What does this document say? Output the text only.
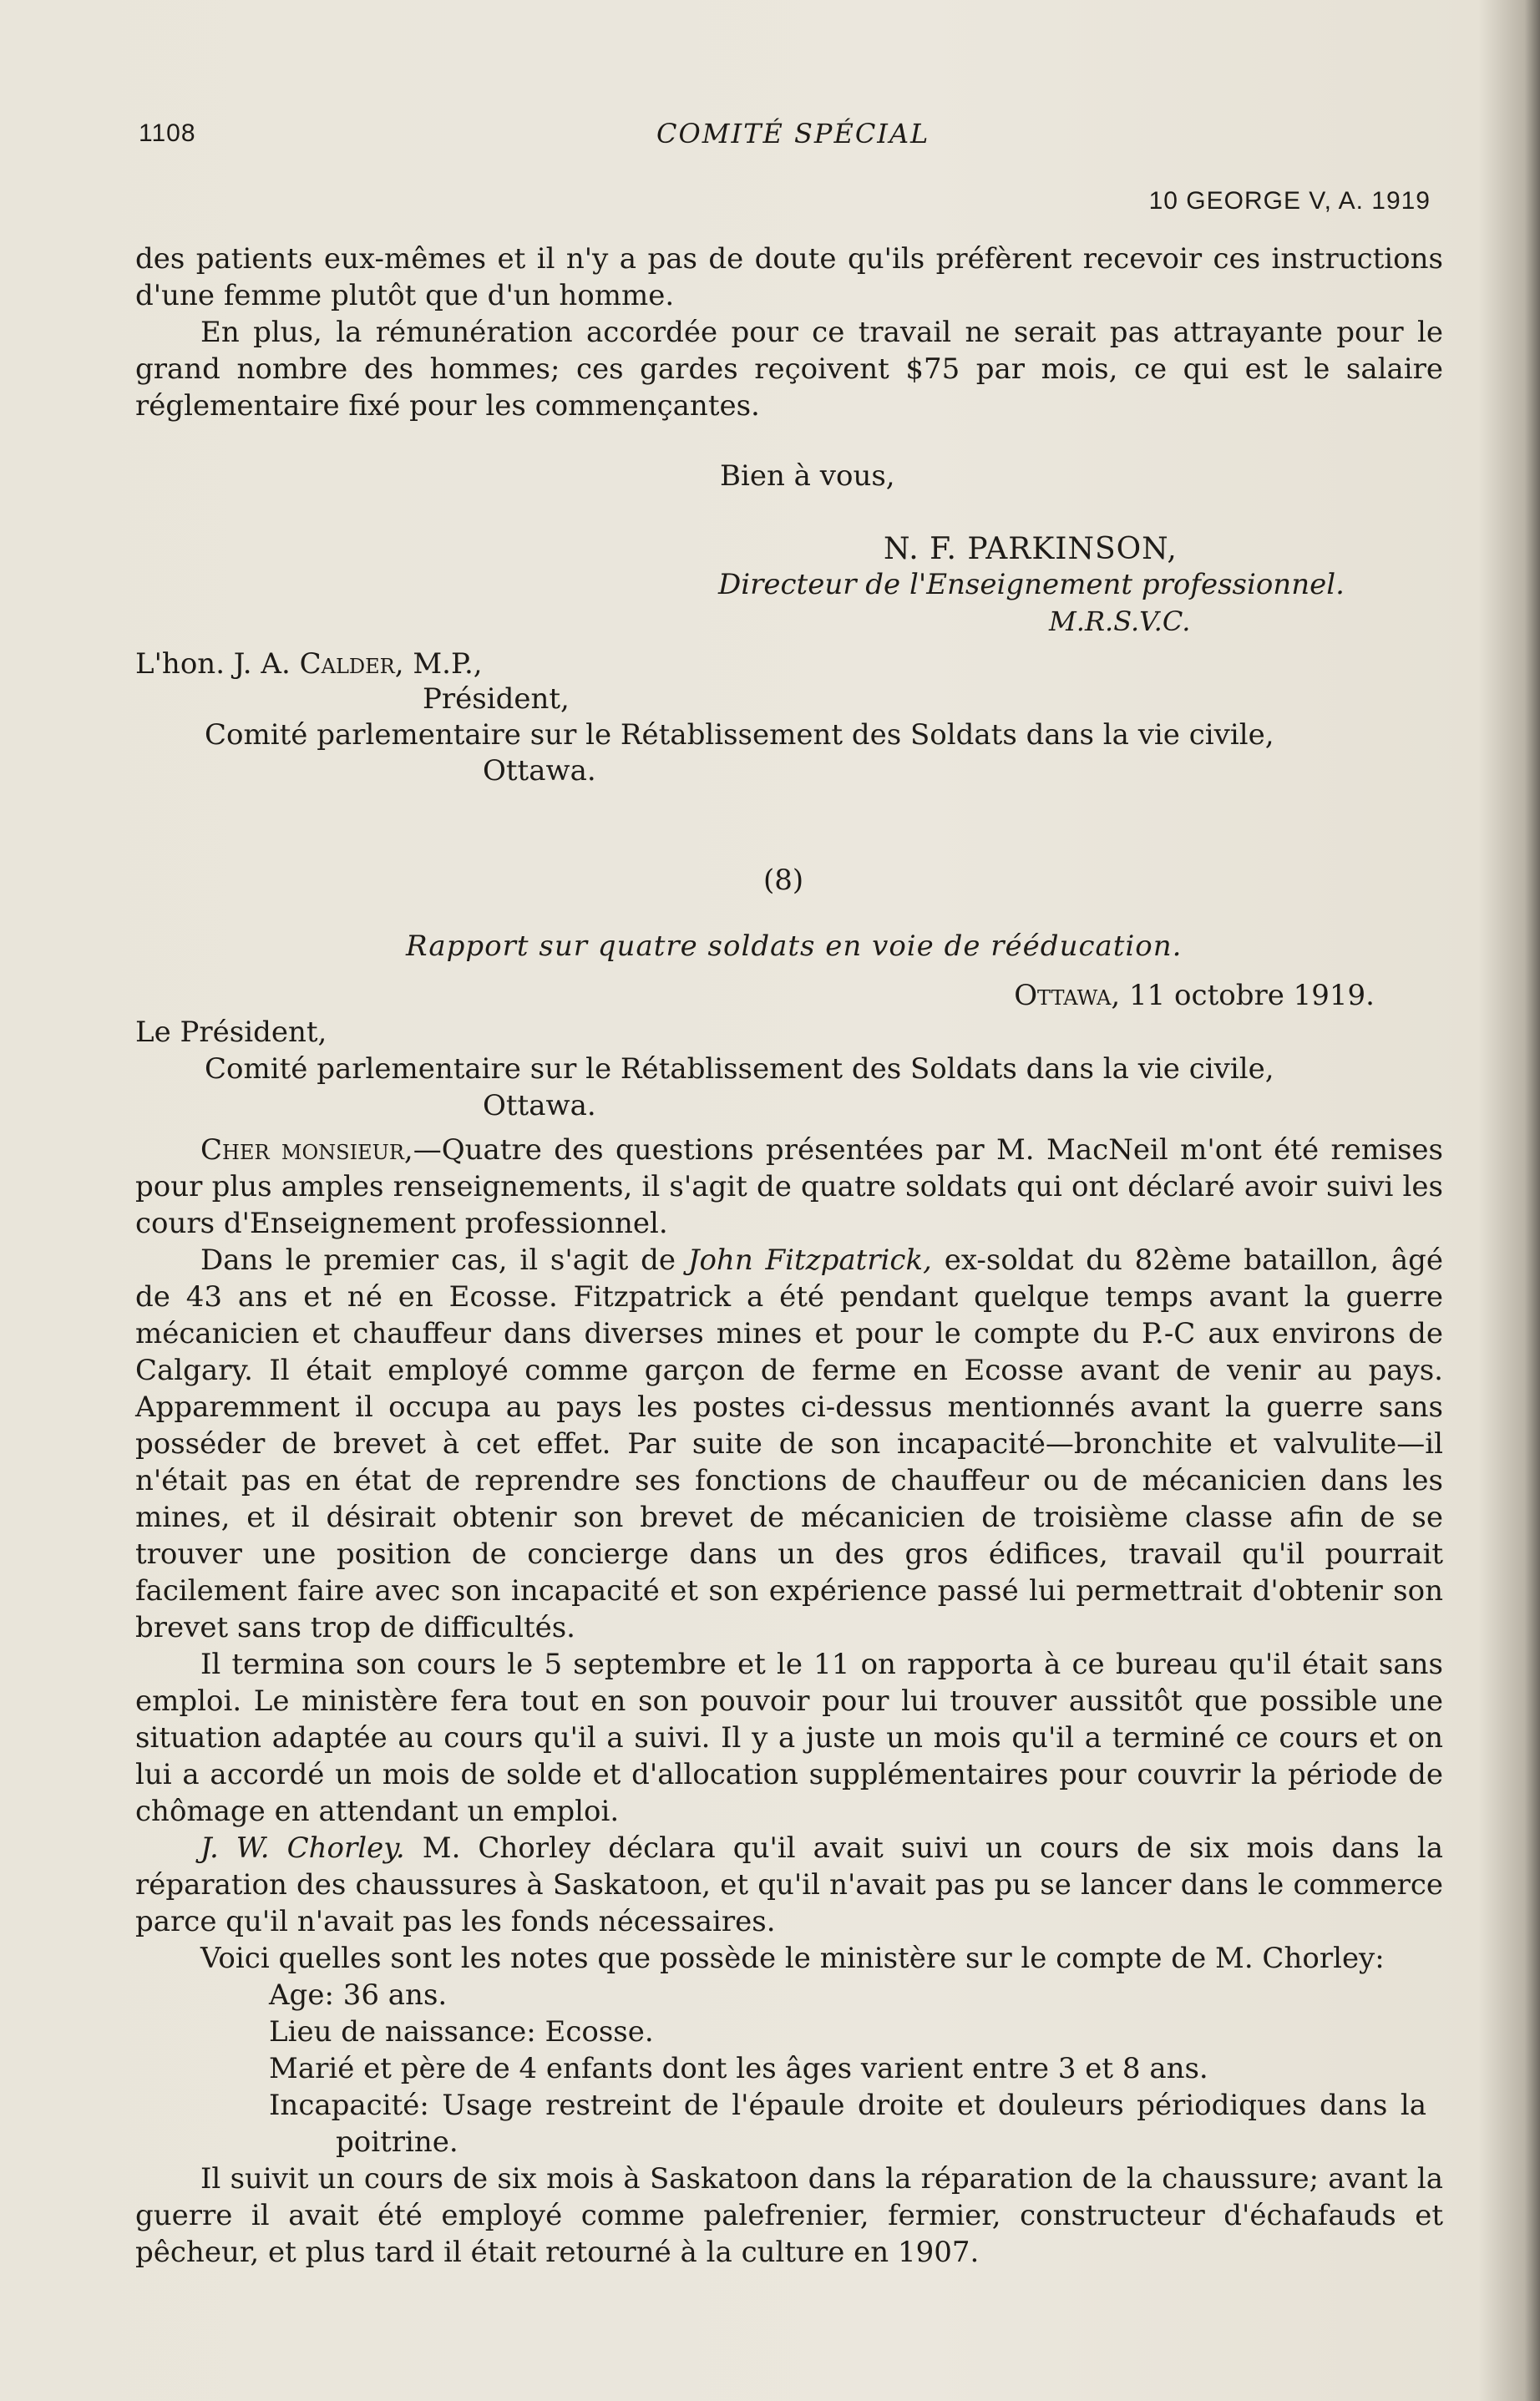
1108	COMITÉ SPÉCIAL
10 GEORGE V, A. 1919

des patients eux-mêmes et il n'y a pas de doute qu'ils préfèrent recevoir ces instructions d'une femme plutôt que d'un homme.

En plus, la rémunération accordée pour ce travail ne serait pas attrayante pour le grand nombre des hommes; ces gardes reçoivent $75 par mois, ce qui est le salaire réglementaire fixé pour les commençantes.

Bien à vous,
N. F. PARKINSON,
Directeur de l'Enseignement professionnel.
M.R.S.V.C.
L'hon. J. A. Calder, M.P.,
Président,
Comité parlementaire sur le Rétablissement des Soldats dans la vie civile,
Ottawa.
(8)
Rapport sur quatre soldats en voie de rééducation.
Ottawa, 11 octobre 1919.
Le Président,
Comité parlementaire sur le Rétablissement des Soldats dans la vie civile,
Ottawa.

Cher monsieur,—Quatre des questions présentées par M. MacNeil m'ont été remises pour plus amples renseignements, il s'agit de quatre soldats qui ont déclaré avoir suivi les cours d'Enseignement professionnel.

Dans le premier cas, il s'agit de John Fitzpatrick, ex-soldat du 82ème bataillon, âgé de 43 ans et né en Ecosse. Fitzpatrick a été pendant quelque temps avant la guerre mécanicien et chauffeur dans diverses mines et pour le compte du P.-C aux environs de Calgary. Il était employé comme garçon de ferme en Ecosse avant de venir au pays. Apparemment il occupa au pays les postes ci-dessus mentionnés avant la guerre sans posséder de brevet à cet effet. Par suite de son incapacité—bronchite et valvulite—il n'était pas en état de reprendre ses fonctions de chauffeur ou de mécanicien dans les mines, et il désirait obtenir son brevet de mécanicien de troisième classe afin de se trouver une position de concierge dans un des gros édifices, travail qu'il pourrait facilement faire avec son incapacité et son expérience passé lui permettrait d'obtenir son brevet sans trop de difficultés.

Il termina son cours le 5 septembre et le 11 on rapporta à ce bureau qu'il était sans emploi. Le ministère fera tout en son pouvoir pour lui trouver aussitôt que possible une situation adaptée au cours qu'il a suivi. Il y a juste un mois qu'il a terminé ce cours et on lui a accordé un mois de solde et d'allocation supplémentaires pour couvrir la période de chômage en attendant un emploi.

J. W. Chorley. M. Chorley déclara qu'il avait suivi un cours de six mois dans la réparation des chaussures à Saskatoon, et qu'il n'avait pas pu se lancer dans le commerce parce qu'il n'avait pas les fonds nécessaires.

Voici quelles sont les notes que possède le ministère sur le compte de M. Chorley:

Age: 36 ans.

Lieu de naissance: Ecosse.

Marié et père de 4 enfants dont les âges varient entre 3 et 8 ans.

Incapacité: Usage restreint de l'épaule droite et douleurs périodiques dans la poitrine.

Il suivit un cours de six mois à Saskatoon dans la réparation de la chaussure; avant la guerre il avait été employé comme palefrenier, fermier, constructeur d'échafauds et pêcheur, et plus tard il était retourné à la culture en 1907.
